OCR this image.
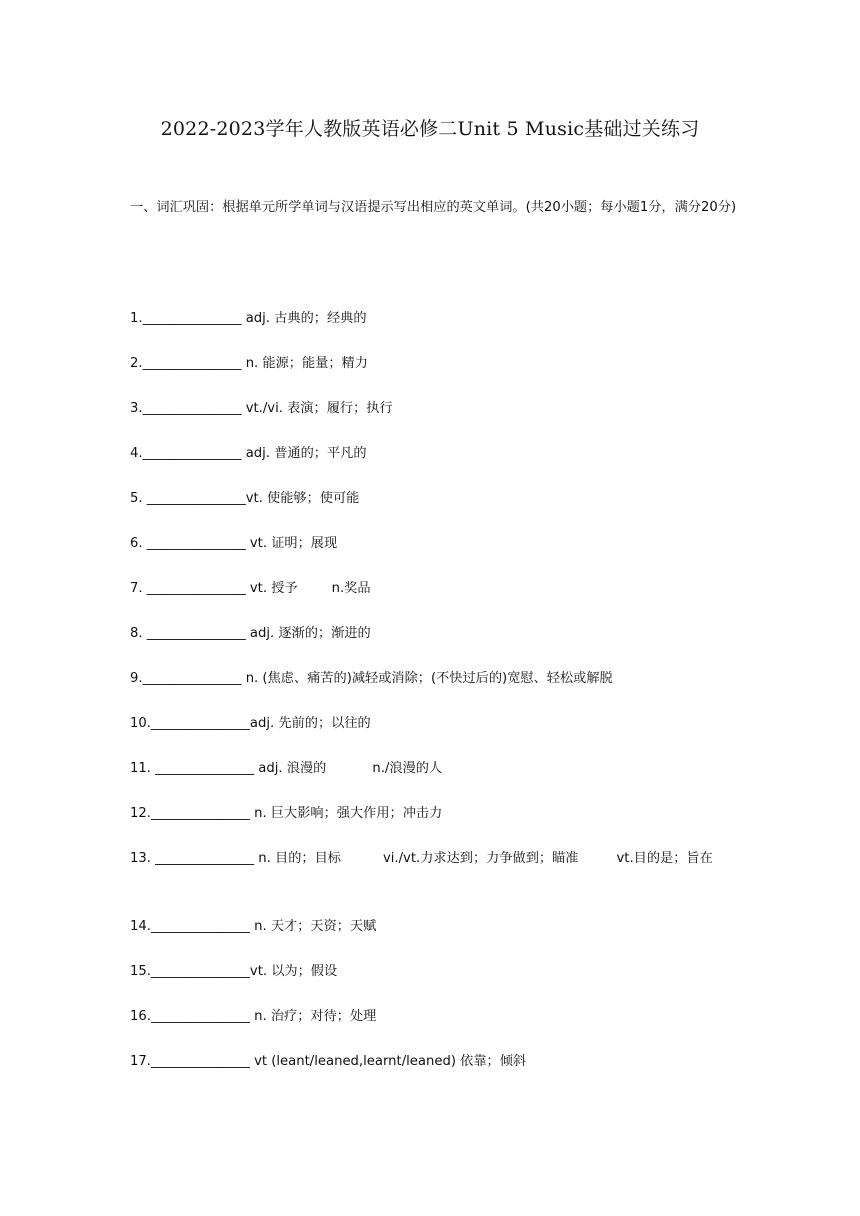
2022-2023学年人教版英语必修二Unit 5 Music基础过关练习
一、词汇巩固：根据单元所学单词与汉语提示写出相应的英文单词。(共20小题；每小题1分，满分20分)
1._______________ adj. 古典的；经典的
2._______________ n. 能源；能量；精力
3._______________ vt./vi. 表演；履行；执行
4._______________ adj. 普通的；平凡的
5. _______________vt. 使能够；使可能
6. _______________ vt. 证明；展现
7. _______________ vt. 授予	n.奖品
8. _______________ adj. 逐渐的；渐进的
9._______________ n. (焦虑、痛苦的)减轻或消除；(不快过后的)宽慰、轻松或解脱
10._______________adj. 先前的；以往的
11. _______________ adj. 浪漫的	n./浪漫的人
12._______________ n. 巨大影响；强大作用；冲击力
13. _______________ n. 目的；目标	vi./vt.力求达到；力争做到；瞄准	vt.目的是；旨在
14._______________ n. 天才；天资；天赋
15._______________vt. 以为；假设
16._______________ n. 治疗；对待；处理
17._______________ vt (leant/leaned,learnt/leaned) 依靠；倾斜
